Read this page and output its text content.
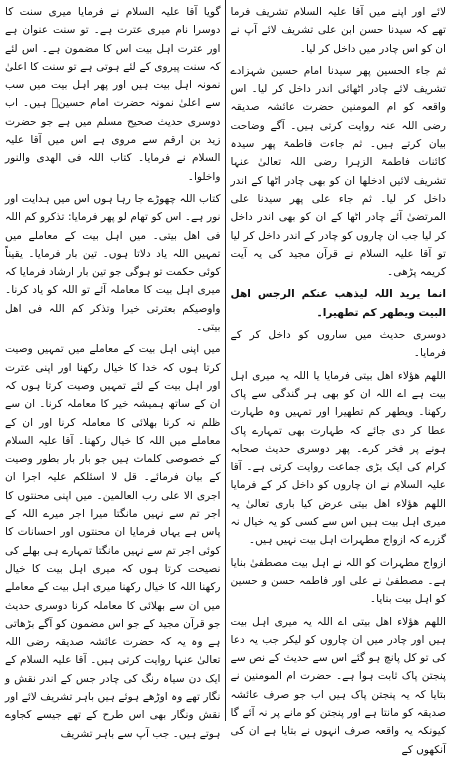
گویا آقا علیہ السلام نے فرمایا میری سنت کا دوسرا نام میری عترت ہے۔ تو سنت عنوان ہے اور عترت اہل بیت اس کا مضمون ہے۔ اس لئے کہ سنت پیروی کے لئے ہوتی ہے تو سنت کا اعلیٰ نمونہ اہل بیت ہیں اور پھر اہل بیت میں سب سے اعلیٰ نمونہ حضرت امام حسینؑ ہیں۔ اب دوسری حدیث صحیح مسلم میں ہے جو حضرت زید بن ارقم سے مروی ہے اس میں آقا علیہ السلام نے فرمایا۔ کتاب اللہ فی الھدی والنور واخلوا۔

کتاب اللہ چھوڑے جا رہا ہوں اس میں ہدایت اور نور ہے۔ اس کو تھام لو پھر فرمایا: تذکرو کم اللہ فی اهل بیتی۔ میں اہل بیت کے معاملے میں تمہیں اللہ یاد دلاتا ہوں۔ تین بار فرمایا۔ یقیناً کوئی حکمت تو ہوگی جو تین بار ارشاد فرمایا کہ میری اہل بیت کا معاملہ آئے تو اللہ کو یاد کرنا۔ واوصیکم بعترتی خیرا وتذکر کم اللہ فی اهل بیتی۔

میں اپنی اہل بیت کے معاملے میں تمہیں وصیت کرتا ہوں کہ خدا کا خیال رکھنا اور اپنی عترت اور اہل بیت کے لئے تمہیں وصیت کرتا ہوں کہ ان کے ساتھ ہمیشہ خیر کا معاملہ کرنا۔ ان سے ظلم نہ کرنا بھلائی کا معاملہ کرنا اور ان کے معاملے میں اللہ کا خیال رکھنا۔ آقا علیہ السلام کے خصوصی کلمات ہیں جو بار بار بطور وصیت کے بیان فرمائے۔ قل لا اسئلکم علیہ اجرا ان اجری الا علی رب العالمین۔ میں اپنی محنتوں کا اجر تم سے نہیں مانگتا میرا اجر میرے اللہ کے پاس ہے یہاں فرمایا ان محنتوں اور احسانات کا کوئی اجر تم سے نہیں مانگتا تمہارے ہی بھلے کی نصیحت کرتا ہوں کہ میری اہل بیت کا خیال رکھنا اللہ کا خیال رکھنا میری اہل بیت کے معاملے میں ان سے بھلائی کا معاملہ کرنا دوسری حدیث جو قرآن مجید کے جو اس مضمون کو آگے بڑھاتی ہے وہ یہ کہ حضرت عائشہ صدیقہ رضی اللہ تعالیٰ عنہا روایت کرتی ہیں۔ آقا علیہ السلام کے ایک دن سیاہ رنگ کی چادر جس کے اندر نقش و نگار تھے وہ اوڑھے ہوئے ہیں باہر تشریف لائے اور نقش ونگار بھی اس طرح کے تھے جیسے کجاوے ہوتے ہیں۔ جب آپ سے باہر تشریف

لائے اور اپنے میں آقا علیہ السلام تشریف فرما تھے کہ سیدنا حسن ابن علی تشریف لائے آپ نے ان کو اس چادر میں داخل کر لیا۔

ثم جاء الحسین پھر سیدنا امام حسین شہزادے تشریف لائے چادر اٹھائی اندر داخل کر لیا۔ اس واقعہ کو ام المومنین حضرت عائشہ صدیقہ رضی اللہ عنہ روایت کرتی ہیں۔ آگے وضاحت بیان کرتے ہیں۔ ثم جاءت فاطمۃ پھر سیدہ کائنات فاطمۃ الزہرا رضی اللہ تعالیٰ عنہا تشریف لائیں ادخلھا ان کو بھی چادر اٹھا کے اندر داخل کر لیا۔ ثم جاء علی پھر سیدنا علی المرتضیٰ آئے چادر اٹھا کے ان کو بھی اندر داخل کر لیا جب ان چاروں کو چادر کے اندر داخل کر لیا تو آقا علیہ السلام نے قرآن مجید کی یہ آیت کریمہ پڑھی۔

انما یرید اللہ لیذھب عنکم الرجس اھل البیت ویطھر کم تطھیرا۔

دوسری حدیث میں ساروں کو داخل کر کے فرمایا۔

اللھم ھؤلاء اھل بیتی فرمایا یا اللہ یہ میری اہل بیت ہے اے اللہ ان کو بھی ہر گندگی سے پاک رکھنا۔ ویطھر کم تطھیرا اور تمہیں وہ طہارت عطا کر دی جائے کہ طہارت بھی تمہارے پاک ہونے پر فخر کرے۔ پھر دوسری حدیث صحابہ کرام کی ایک بڑی جماعت روایت کرتی ہے۔ آقا علیہ السلام نے ان چاروں کو داخل کر کے فرمایا اللھم ھؤلاء اھل بیتی عرض کیا باری تعالیٰ یہ میری اہل بیت ہیں اس سے کسی کو یہ خیال نہ گزرے کہ ازواج مطہرات اہل بیت نہیں ہیں۔

ازواج مطہرات کو اللہ نے اہل بیت مصطفیٰ بنایا ہے۔ مصطفیٰ نے علی اور فاطمہ حسن و حسین کو اہل بیت بنایا۔

اللھم ھؤلاء اھل بیتی اے اللہ یہ میری اہل بیت ہیں اور چادر میں ان چاروں کو لیکر جب یہ دعا کی تو کل پانچ ہو گئے اس سے حدیث کے نص سے پنجتن پاک ثابت ہوا ہے۔ حضرت ام المومنین نے بتایا کہ یہ پنجتن پاک ہیں اب جو صرف عائشہ صدیقہ کو مانتا ہے اور پنجتن کو مانے پر نہ آئے گا کیونکہ یہ واقعہ صرف انہوں نے بتایا ہے ان کی آنکھوں کے
